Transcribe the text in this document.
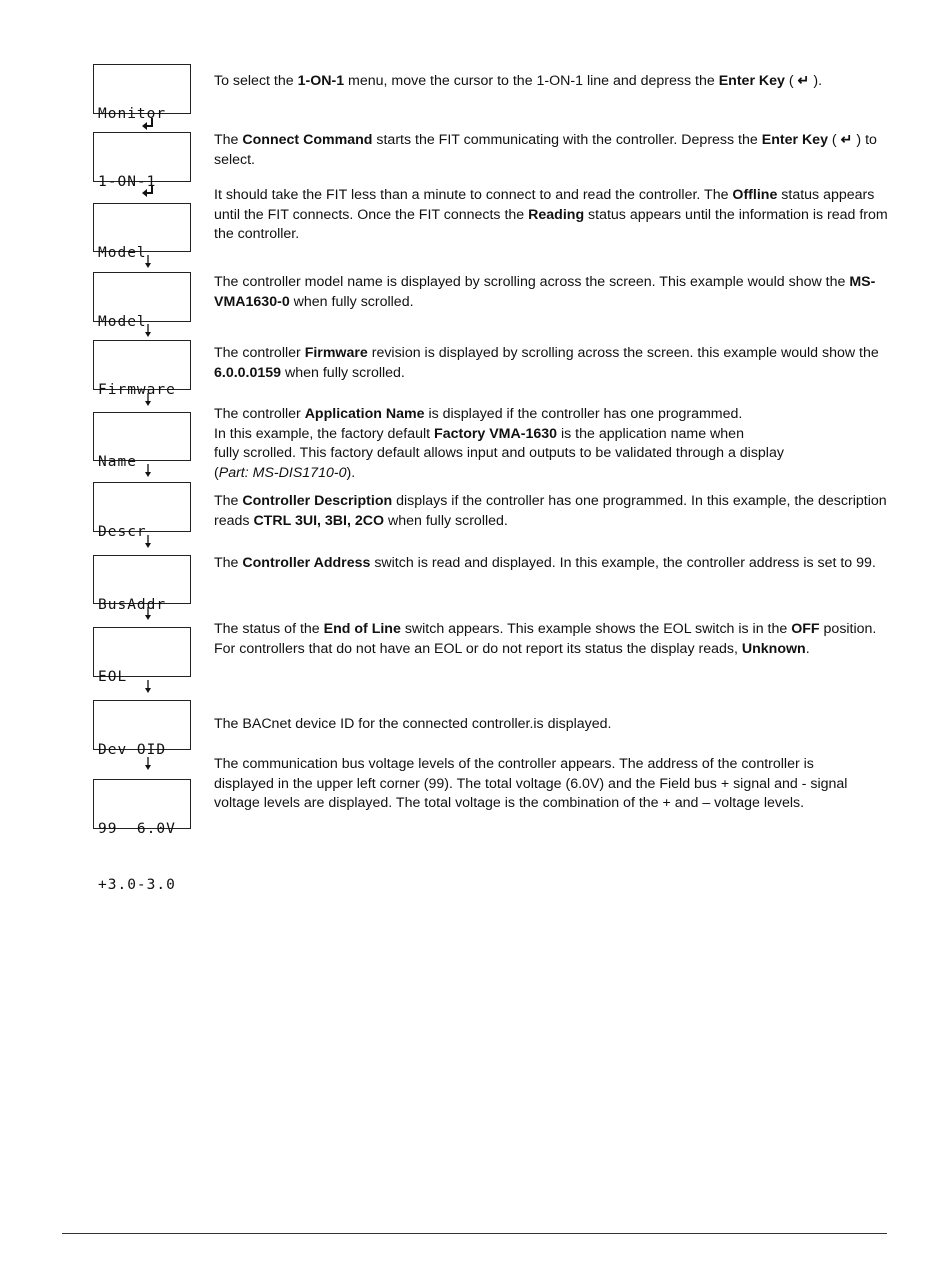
Monitor

1-ON-1

Model

Model

Firmware

Name

Descr

BusAddr

EOL

Dev OID

99  6.0V

+3.0-3.0

To select the 1-ON-1 menu, move the cursor to the 1-ON-1 line and depress the Enter Key ( ↵ ).
The Connect Command starts the FIT communicating with the controller. Depress the Enter Key ( ↵ ) to select.
It should take the FIT less than a minute to connect to and read the controller. The Offline status appears until the FIT connects. Once the FIT connects the Reading status appears until the information is read from the controller.
The controller model name is displayed by scrolling across the screen. This example would show the MS-VMA1630-0 when fully scrolled.
The controller Firmware revision is displayed by scrolling across the screen. this example would show the 6.0.0.0159 when fully scrolled.
The controller Application Name is displayed if the controller has one programmed.
In this example, the factory default Factory VMA-1630 is the application name when
fully scrolled. This factory default allows input and outputs to be validated through a display
(Part: MS-DIS1710-0).
The Controller Description displays if the controller has one programmed. In this example, the description reads CTRL 3UI, 3BI, 2CO when fully scrolled.
The Controller Address switch is read and displayed. In this example, the controller address is set to 99.
The status of the End of Line switch appears. This example shows the EOL switch is in the OFF position. For controllers that do not have an EOL or do not report its status the display reads, Unknown.
The BACnet device ID for the connected controller.is displayed.
The communication bus voltage levels of the controller appears. The address of the controller is displayed in the upper left corner (99). The total voltage (6.0V) and the Field bus + signal and - signal voltage levels are displayed. The total voltage is the combination of the + and – voltage levels.
